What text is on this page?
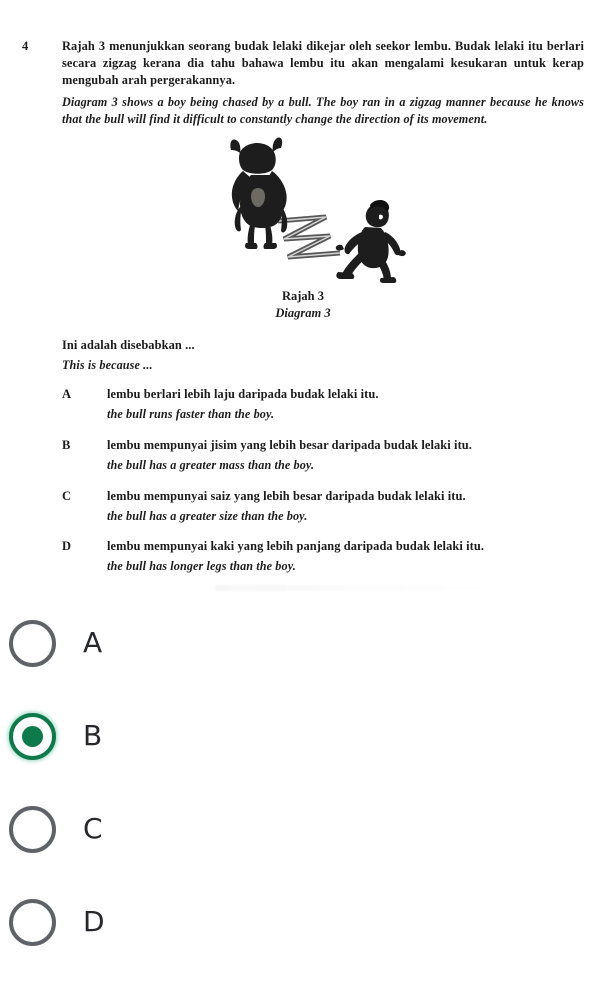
4	Rajah 3 menunjukkan seorang budak lelaki dikejar oleh seekor lembu. Budak lelaki itu berlari secara zigzag kerana dia tahu bahawa lembu itu akan mengalami kesukaran untuk kerap mengubah arah pergerakannya.
Diagram 3 shows a boy being chased by a bull. The boy ran in a zigzag manner because he knows that the bull will find it difficult to constantly change the direction of its movement.
Rajah 3
Diagram 3
Ini adalah disebabkan ...
This is because ...
A	lembu berlari lebih laju daripada budak lelaki itu.
the bull runs faster than the boy.
B	lembu mempunyai jisim yang lebih besar daripada budak lelaki itu.
the bull has a greater mass than the boy.
C	lembu mempunyai saiz yang lebih besar daripada budak lelaki itu.
the bull has a greater size than the boy.
D	lembu mempunyai kaki yang lebih panjang daripada budak lelaki itu.
the bull has longer legs than the boy.
A
B
C
D
